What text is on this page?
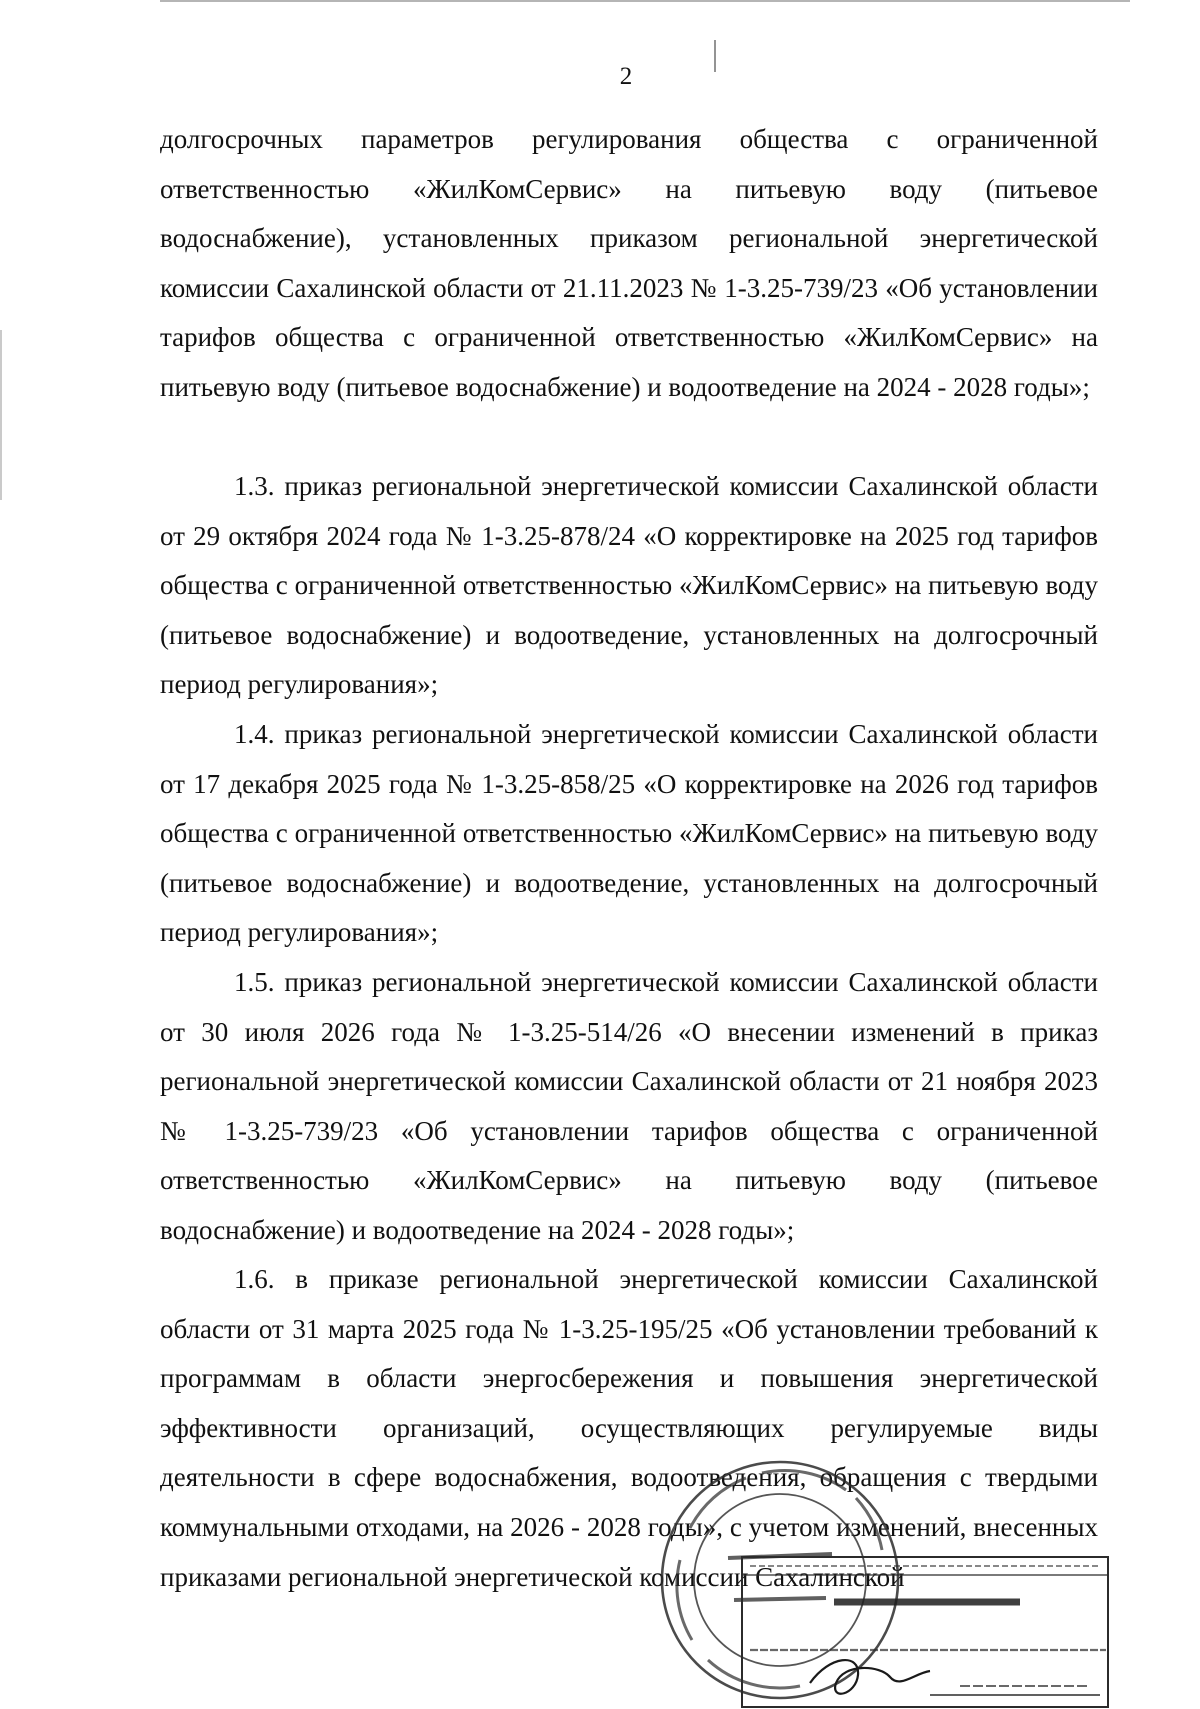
2

долгосрочных параметров регулирования общества с ограниченной ответственностью «ЖилКомСервис» на питьевую воду (питьевое водоснабжение), установленных приказом региональной энергетической комиссии Сахалинской области от 21.11.2023 № 1-3.25-739/23 «Об установлении тарифов общества с ограниченной ответственностью «ЖилКомСервис» на питьевую воду (питьевое водоснабжение) и водоотведение на 2024 - 2028 годы»;

1.3. приказ региональной энергетической комиссии Сахалинской области от 29 октября 2024 года № 1-3.25-878/24 «О корректировке на 2025 год тарифов общества с ограниченной ответственностью «ЖилКомСервис» на питьевую воду (питьевое водоснабжение) и водоотведение, установленных на долгосрочный период регулирования»;

1.4. приказ региональной энергетической комиссии Сахалинской области от 17 декабря 2025 года № 1-3.25-858/25 «О корректировке на 2026 год тарифов общества с ограниченной ответственностью «ЖилКомСервис» на питьевую воду (питьевое водоснабжение) и водоотведение, установленных на долгосрочный период регулирования»;

1.5. приказ региональной энергетической комиссии Сахалинской области от 30 июля 2026 года № 1-3.25-514/26 «О внесении изменений в приказ региональной энергетической комиссии Сахалинской области от 21 ноября 2023 № 1-3.25-739/23 «Об установлении тарифов общества с ограниченной ответственностью «ЖилКомСервис» на питьевую воду (питьевое водоснабжение) и водоотведение на 2024 - 2028 годы»;

1.6. в приказе региональной энергетической комиссии Сахалинской области от 31 марта 2025 года № 1-3.25-195/25 «Об установлении требований к программам в области энергосбережения и повышения энергетической эффективности организаций, осуществляющих регулируемые виды деятельности в сфере водоснабжения, водоотведения, обращения с твердыми коммунальными отходами, на 2026 - 2028 годы», с учетом изменений, внесенных приказами региональной энергетической комиссии Сахалинской
